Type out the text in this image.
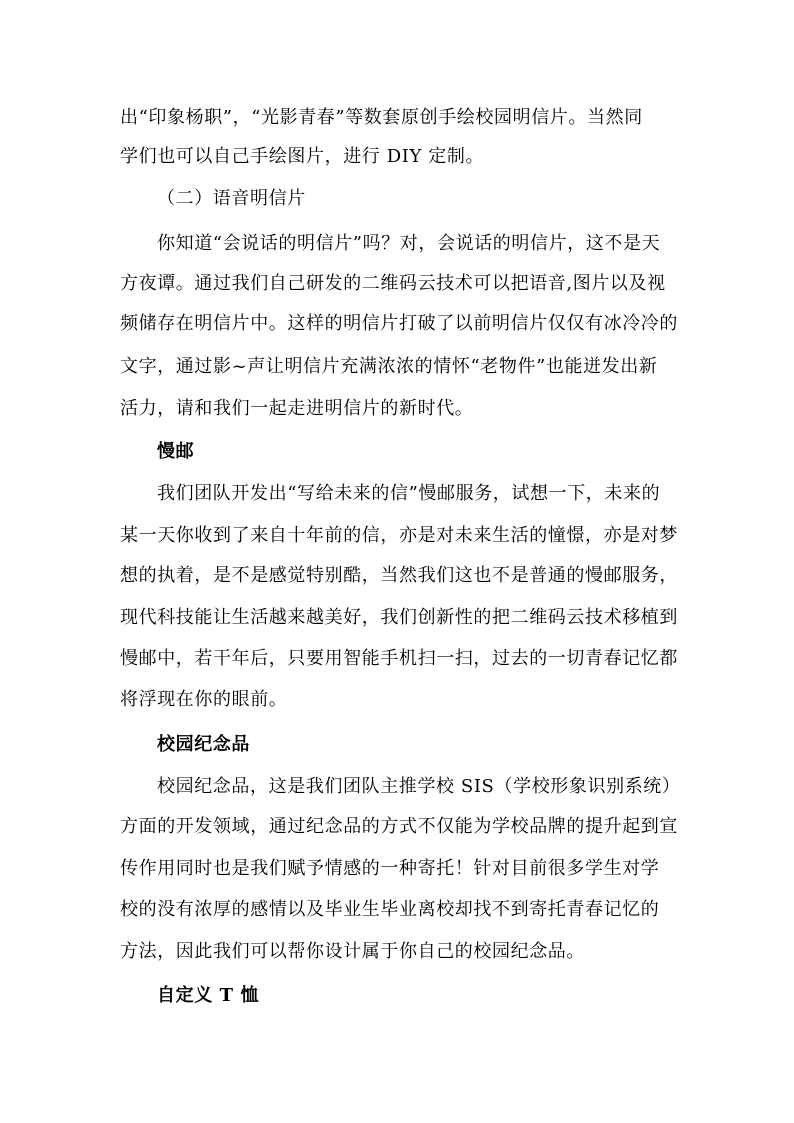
出“印象杨职”，“光影青春”等数套原创手绘校园明信片。当然同
学们也可以自己手绘图片，进行 DIY 定制。
（二）语音明信片
你知道“会说话的明信片”吗？对，会说话的明信片，这不是天
方夜谭。通过我们自己研发的二维码云技术可以把语音,图片以及视
频储存在明信片中。这样的明信片打破了以前明信片仅仅有冰冷冷的
文字，通过影~声让明信片充满浓浓的情怀“老物件”也能迸发出新
活力，请和我们一起走进明信片的新时代。
慢邮
我们团队开发出“写给未来的信”慢邮服务，试想一下，未来的
某一天你收到了来自十年前的信，亦是对未来生活的憧憬，亦是对梦
想的执着，是不是感觉特别酷，当然我们这也不是普通的慢邮服务，
现代科技能让生活越来越美好，我们创新性的把二维码云技术移植到
慢邮中，若干年后，只要用智能手机扫一扫，过去的一切青春记忆都
将浮现在你的眼前。
校园纪念品
校园纪念品，这是我们团队主推学校 SIS（学校形象识别系统）
方面的开发领域，通过纪念品的方式不仅能为学校品牌的提升起到宣
传作用同时也是我们赋予情感的一种寄托！针对目前很多学生对学
校的没有浓厚的感情以及毕业生毕业离校却找不到寄托青春记忆的
方法，因此我们可以帮你设计属于你自己的校园纪念品。
自定义 T 恤
